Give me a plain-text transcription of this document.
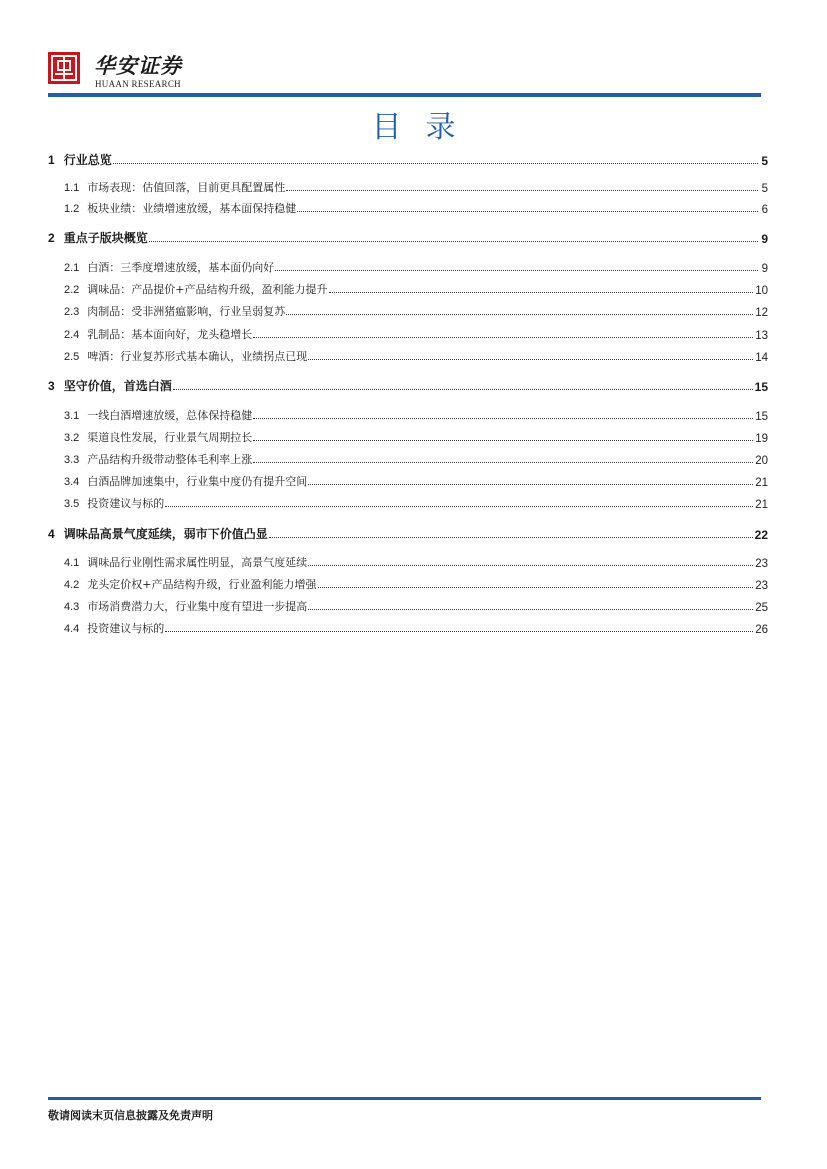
华安证券
HUAAN RESEARCH
目录
1 行业总览	5
1.1 市场表现：估值回落，目前更具配置属性	5
1.2 板块业绩：业绩增速放缓，基本面保持稳健	6
2 重点子版块概览	9
2.1 白酒：三季度增速放缓，基本面仍向好	9
2.2 调味品：产品提价+产品结构升级，盈利能力提升	10
2.3 肉制品：受非洲猪瘟影响，行业呈弱复苏	12
2.4 乳制品：基本面向好，龙头稳增长	13
2.5 啤酒：行业复苏形式基本确认，业绩拐点已现	14
3 坚守价值，首选白酒	15
3.1 一线白酒增速放缓，总体保持稳健	15
3.2 渠道良性发展，行业景气周期拉长	19
3.3 产品结构升级带动整体毛利率上涨	20
3.4 白酒品牌加速集中，行业集中度仍有提升空间	21
3.5 投资建议与标的	21
4 调味品高景气度延续，弱市下价值凸显	22
4.1 调味品行业刚性需求属性明显，高景气度延续	23
4.2 龙头定价权+产品结构升级，行业盈利能力增强	23
4.3 市场消费潜力大，行业集中度有望进一步提高	25
4.4 投资建议与标的	26
敬请阅读末页信息披露及免责声明
